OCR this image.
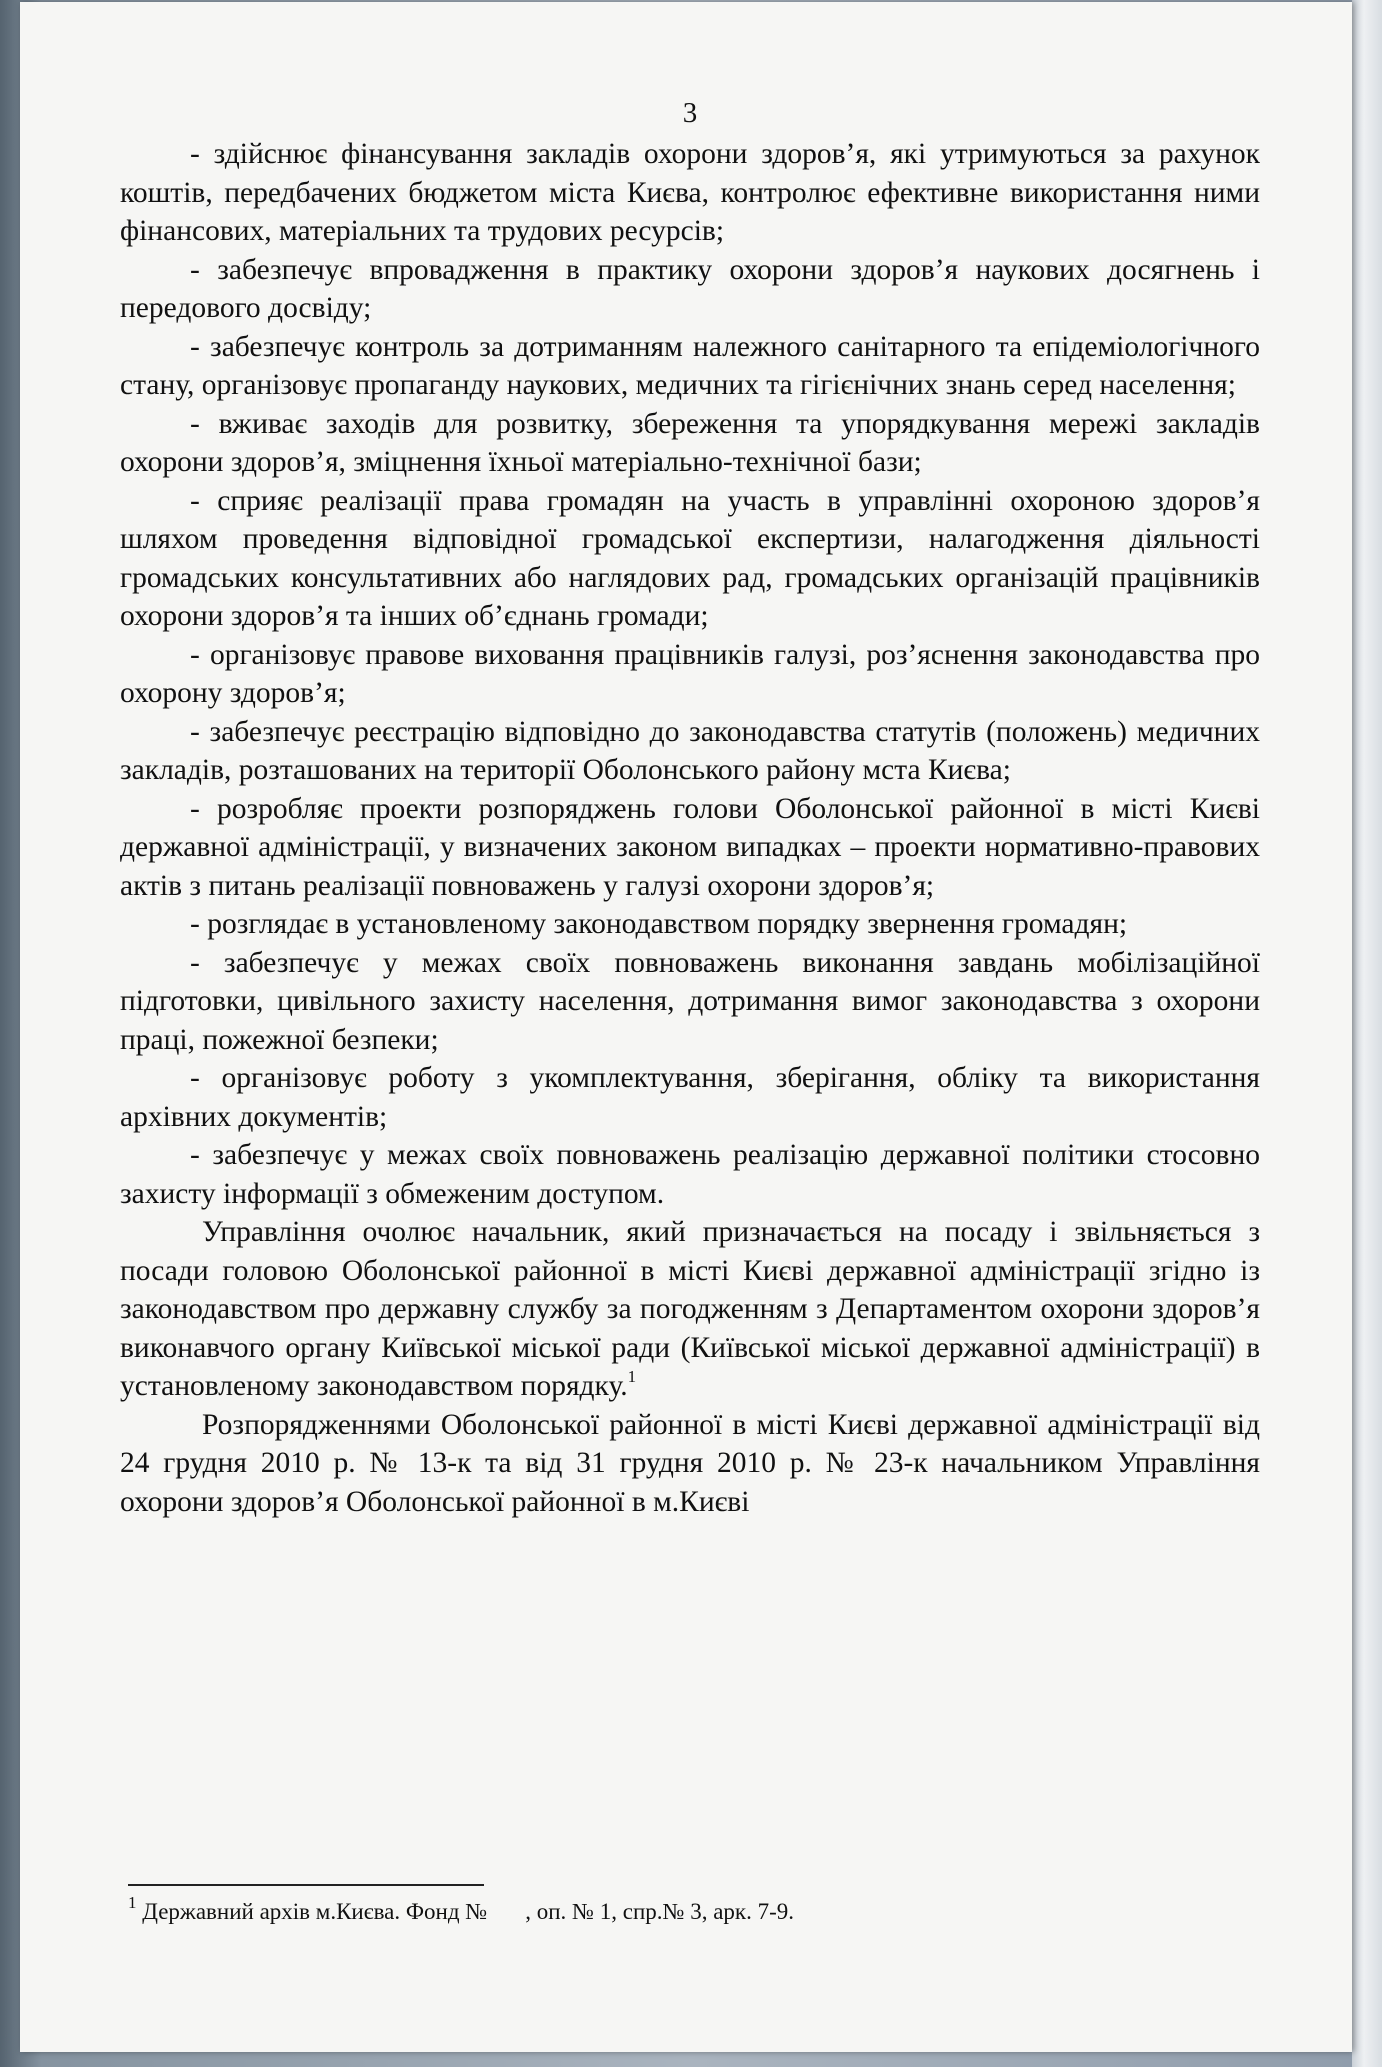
3

- здійснює фінансування закладів охорони здоров’я, які утримуються за рахунок коштів, передбачених бюджетом міста Києва, контролює ефективне використання ними фінансових, матеріальних та трудових ресурсів;

- забезпечує впровадження в практику охорони здоров’я наукових досягнень і передового досвіду;

- забезпечує контроль за дотриманням належного санітарного та епідеміологічного стану, організовує пропаганду наукових, медичних та гігієнічних знань серед населення;

- вживає заходів для розвитку, збереження та упорядкування мережі закладів охорони здоров’я, зміцнення їхньої матеріально-технічної бази;

- сприяє реалізації права громадян на участь в управлінні охороною здоров’я шляхом проведення відповідної громадської експертизи, налагодження діяльності громадських консультативних або наглядових рад, громадських організацій працівників охорони здоров’я та інших об’єднань громади;

- організовує правове виховання працівників галузі, роз’яснення законодавства про охорону здоров’я;

- забезпечує реєстрацію відповідно до законодавства статутів (положень) медичних закладів, розташованих на території Оболонського району мста Києва;

- розробляє проекти розпоряджень голови Оболонської районної в місті Києві державної адміністрації, у визначених законом випадках – проекти нормативно-правових актів з питань реалізації повноважень у галузі охорони здоров’я;

- розглядає в установленому законодавством порядку звернення громадян;

- забезпечує у межах своїх повноважень виконання завдань мобілізаційної підготовки, цивільного захисту населення, дотримання вимог законодавства з охорони праці, пожежної безпеки;

- організовує роботу з укомплектування, зберігання, обліку та використання архівних документів;

- забезпечує у межах своїх повноважень реалізацію державної політики стосовно захисту інформації з обмеженим доступом.

Управління очолює начальник, який призначається на посаду і звільняється з посади головою Оболонської районної в місті Києві державної адміністрації згідно із законодавством про державну службу за погодженням з Департаментом охорони здоров’я виконавчого органу Київської міської ради (Київської міської державної адміністрації) в установленому законодавством порядку.$^1$

Розпорядженнями Оболонської районної в місті Києві державної адміністрації від 24 грудня 2010 р. № 13-к та від 31 грудня 2010 р. № 23-к начальником Управління охорони здоров’я Оболонської районної в м.Києві

$^1$ Державний архів м.Києва. Фонд № , оп. № 1, спр.№ 3, арк. 7-9.
